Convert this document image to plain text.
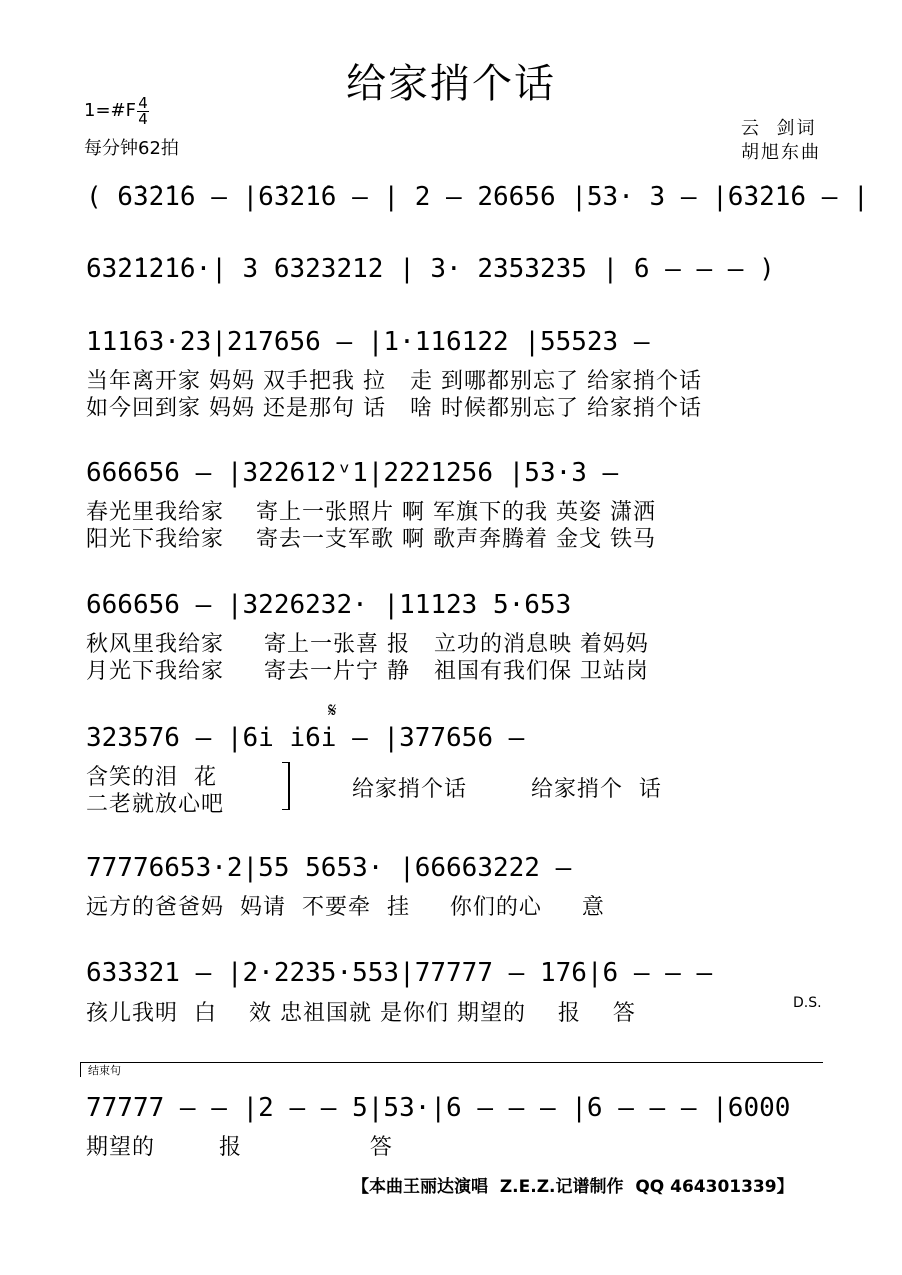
给家捎个话
1=#F 4
4
每分钟62拍
云  剑词
胡旭东曲
( 6̇3̇2̇1̇6 – |6̇3̇2̇1̇6 – | 2 – 26656 |53· 3 – |6̇3̇2̇1̇6 – |
63̇2̇1̇2̇1̇6·| 3 6323212 | 3· 2353235 | 6 – – – )
11163·23|217656 – |1·116122 |55523 –
当年离开家 妈妈 双手把我 拉   走 到哪都别忘了 给家捎个话
如今回到家 妈妈 还是那句 话   啥 时候都别忘了 给家捎个话
666656 – |322612ᵛ1|2221256 |53·3 –
春光里我给家    寄上一张照片 啊 军旗下的我 英姿 潇洒
阳光下我给家    寄去一支军歌 啊 歌声奔腾着 金戈 铁马
666656 – |3226232· |11123 5·653
秋风里我给家     寄上一张喜 报   立功的消息映 着妈妈
月光下我给家     寄去一片宁 静   祖国有我们保 卫站岗
𝄋
323576 – |6i i6i – |377656 –
含笑的泪  花
二老就放心吧
给家捎个话        给家捎个  话
77776653·2|55 5653· |66663222 –
远方的爸爸妈  妈请  不要牵  挂     你们的心     意
633321 – |2·2235·553|77777 – 176|6 – – –
孩儿我明  白    效 忠祖国就 是你们 期望的    报    答	D.S.
结束句
77777 – – |2 – – 5|53·|6 – – – |6 – – – |6000
期望的        报                答
【本曲王丽达演唱  Z.E.Z.记谱制作  QQ 464301339】
